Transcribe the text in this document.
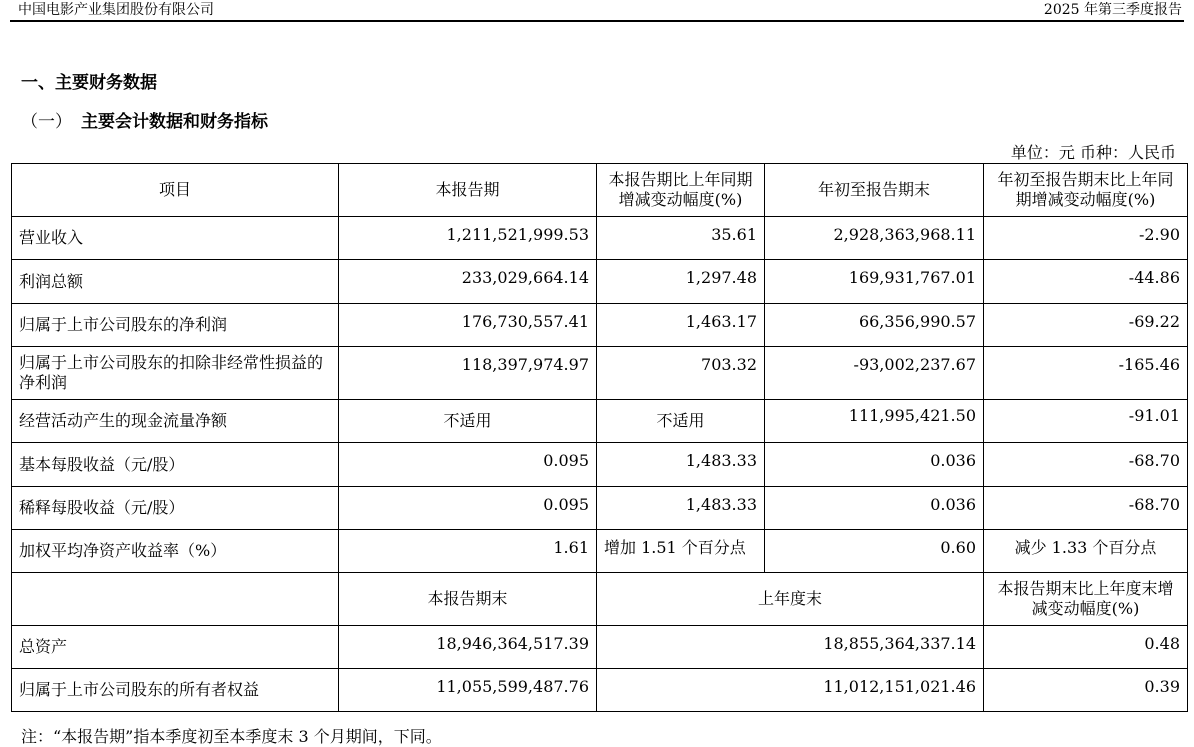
中国电影产业集团股份有限公司	2025 年第三季度报告
一、主要财务数据
（一） 主要会计数据和财务指标
单位：元 币种：人民币
项目	本报告期	本报告期比上年同期增减变动幅度(%)	年初至报告期末	年初至报告期末比上年同期增减变动幅度(%)
营业收入	1,211,521,999.53	35.61	2,928,363,968.11	-2.90
利润总额	233,029,664.14	1,297.48	169,931,767.01	-44.86
归属于上市公司股东的净利润	176,730,557.41	1,463.17	66,356,990.57	-69.22
归属于上市公司股东的扣除非经常性损益的净利润	118,397,974.97	703.32	-93,002,237.67	-165.46
经营活动产生的现金流量净额	不适用	不适用	111,995,421.50	-91.01
基本每股收益（元/股）	0.095	1,483.33	0.036	-68.70
稀释每股收益（元/股）	0.095	1,483.33	0.036	-68.70
加权平均净资产收益率（%）	1.61	增加 1.51 个百分点	0.60	减少 1.33 个百分点
	本报告期末	上年度末		本报告期末比上年度末增减变动幅度(%)
总资产	18,946,364,517.39	18,855,364,337.14		0.48
归属于上市公司股东的所有者权益	11,055,599,487.76	11,012,151,021.46		0.39
注：“本报告期”指本季度初至本季度末 3 个月期间，下同。
